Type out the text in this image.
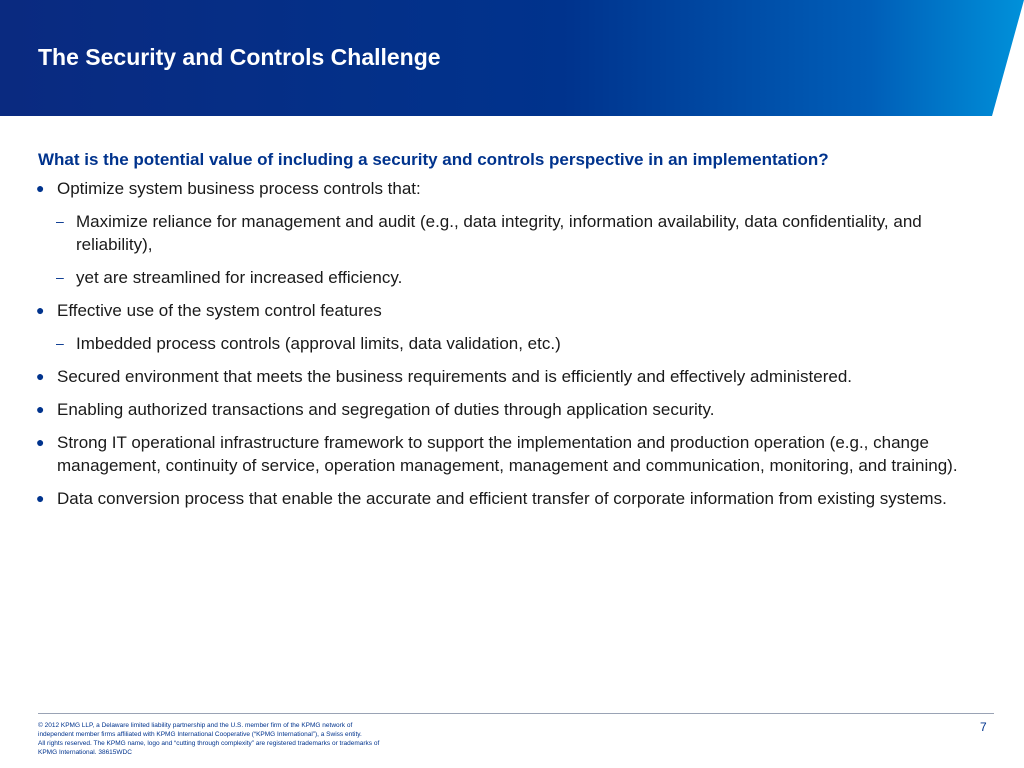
The Security and Controls Challenge
What is the potential value of including a security and controls perspective in an implementation?
● Optimize system business process controls that:
– Maximize reliance for management and audit (e.g., data integrity, information availability, data confidentiality, and reliability),
– yet are streamlined for increased efficiency.
● Effective use of the system control features
– Imbedded process controls (approval limits, data validation, etc.)
● Secured environment that meets the business requirements and is efficiently and effectively administered.
● Enabling authorized transactions and segregation of duties through application security.
● Strong IT operational infrastructure framework to support the implementation and production operation (e.g., change management, continuity of service, operation management, management and communication, monitoring, and training).
● Data conversion process that enable the accurate and efficient transfer of corporate information from existing systems.
© 2012 KPMG LLP, a Delaware limited liability partnership and the U.S. member firm of the KPMG network of
independent member firms affiliated with KPMG International Cooperative (“KPMG International”), a Swiss entity.
All rights reserved. The KPMG name, logo and “cutting through complexity” are registered trademarks or trademarks of
KPMG International. 38615WDC
7
